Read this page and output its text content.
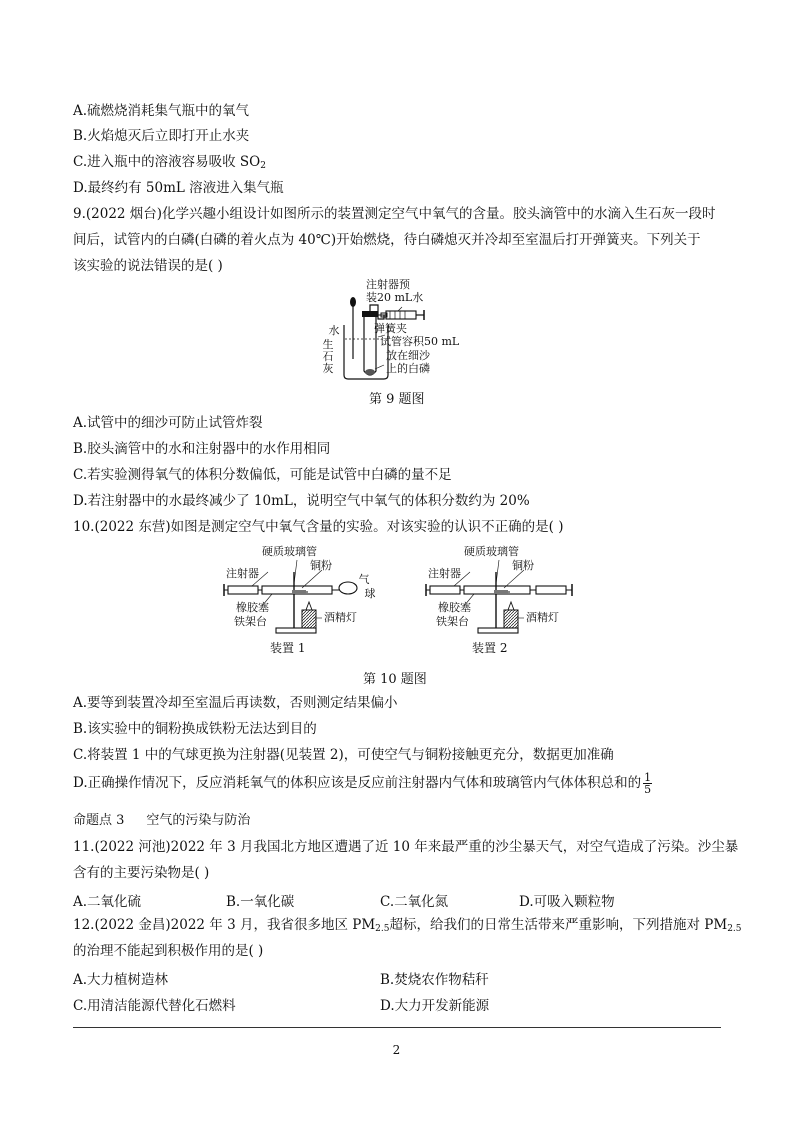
A.硫燃烧消耗集气瓶中的氧气
B.火焰熄灭后立即打开止水夹
C.进入瓶中的溶液容易吸收 $SO_2$
D.最终约有 50mL 溶液进入集气瓶
9.(2022 烟台)化学兴趣小组设计如图所示的装置测定空气中氧气的含量。胶头滴管中的水滴入生石灰一段时
间后，试管内的白磷(白磷的着火点为 40℃)开始燃烧，待白磷熄灭并冷却至室温后打开弹簧夹。下列关于
该实验的说法错误的是( )
注射器预
装20 mL水
弹簧夹
试管容积50 mL
放在细沙
上的白磷
水
生石灰
第 9 题图
A.试管中的细沙可防止试管炸裂
B.胶头滴管中的水和注射器中的水作用相同
C.若实验测得氧气的体积分数偏低，可能是试管中白磷的量不足
D.若注射器中的水最终减少了 10mL，说明空气中氧气的体积分数约为 20%
10.(2022 东营)如图是测定空气中氧气含量的实验。对该实验的认识不正确的是( )
硬质玻璃管
铜粉
注射器	气
球
橡胶塞
铁架台	酒精灯
装置 1
硬质玻璃管
铜粉
注射器
橡胶塞
铁架台	酒精灯
装置 2
第 10 题图
A.要等到装置冷却至室温后再读数，否则测定结果偏小
B.该实验中的铜粉换成铁粉无法达到目的
C.将装置 1 中的气球更换为注射器(见装置 2)，可使空气与铜粉接触更充分，数据更加准确
D.正确操作情况下，反应消耗氧气的体积应该是反应前注射器内气体和玻璃管内气体体积总和的 $\frac{1}{5}$
命题点 3 空气的污染与防治
11.(2022 河池)2022 年 3 月我国北方地区遭遇了近 10 年来最严重的沙尘暴天气，对空气造成了污染。沙尘暴
含有的主要污染物是( )
A.二氧化硫	B.一氧化碳	C.二氧化氮	D.可吸入颗粒物
12.(2022 金昌)2022 年 3 月，我省很多地区 $PM_{2.5}$超标，给我们的日常生活带来严重影响，下列措施对 $PM_{2.5}$
的治理不能起到积极作用的是( )
A.大力植树造林	B.焚烧农作物秸秆
C.用清洁能源代替化石燃料	D.大力开发新能源
2
